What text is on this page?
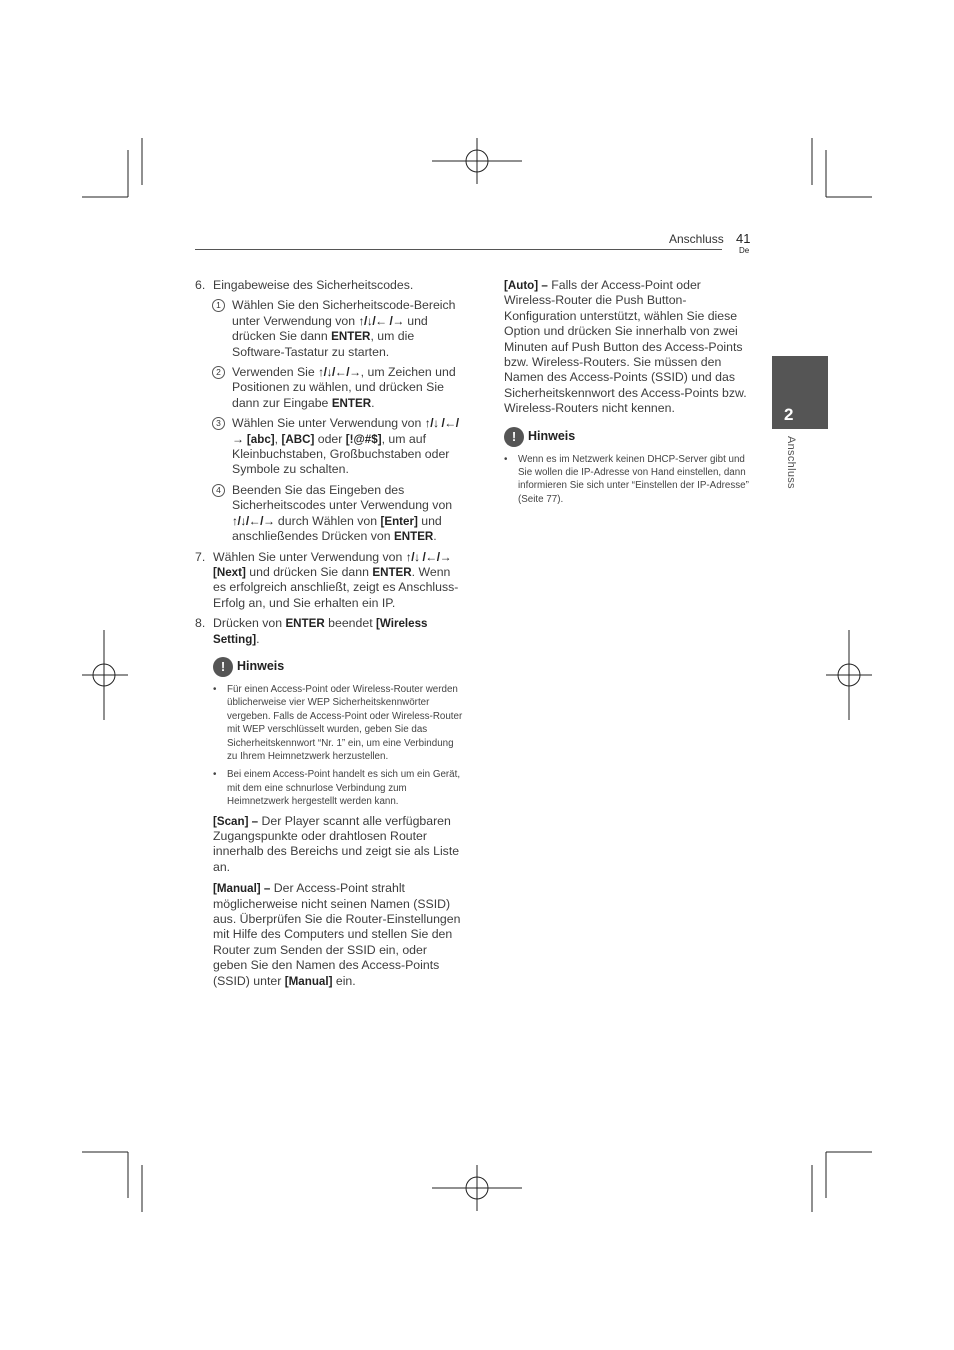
Anschluss 41
De
2
Anschluss
6. Eingabeweise des Sicherheitscodes.
1 Wählen Sie den Sicherheitscode-Bereich unter Verwendung von ↑/↓/← /→ und drücken Sie dann ENTER, um die Software-Tastatur zu starten.
2 Verwenden Sie ↑/↓/←/→, um Zeichen und Positionen zu wählen, und drücken Sie dann zur Eingabe ENTER.
3 Wählen Sie unter Verwendung von ↑/↓ /←/→ [abc], [ABC] oder [!@#$], um auf Kleinbuchstaben, Großbuchstaben oder Symbole zu schalten.
4 Beenden Sie das Eingeben des Sicherheitscodes unter Verwendung von ↑/↓/←/→ durch Wählen von [Enter] und anschließendes Drücken von ENTER.
7. Wählen Sie unter Verwendung von ↑/↓ /←/→ [Next] und drücken Sie dann ENTER. Wenn es erfolgreich anschließt, zeigt es Anschluss-Erfolg an, und Sie erhalten ein IP.
8. Drücken von ENTER beendet [Wireless Setting].
! Hinweis
• Für einen Access-Point oder Wireless-Router werden üblicherweise vier WEP Sicherheitskennwörter vergeben. Falls de Access-Point oder Wireless-Router mit WEP verschlüsselt wurden, geben Sie das Sicherheitskennwort “Nr. 1” ein, um eine Verbindung zu Ihrem Heimnetzwerk herzustellen.
• Bei einem Access-Point handelt es sich um ein Gerät, mit dem eine schnurlose Verbindung zum Heimnetzwerk hergestellt werden kann.
[Scan] – Der Player scannt alle verfügbaren Zugangspunkte oder drahtlosen Router innerhalb des Bereichs und zeigt sie als Liste an.
[Manual] – Der Access-Point strahlt möglicherweise nicht seinen Namen (SSID) aus. Überprüfen Sie die Router-Einstellungen mit Hilfe des Computers und stellen Sie den Router zum Senden der SSID ein, oder geben Sie den Namen des Access-Points (SSID) unter [Manual] ein.
[Auto] – Falls der Access-Point oder Wireless-Router die Push Button-Konfiguration unterstützt, wählen Sie diese Option und drücken Sie innerhalb von zwei Minuten auf Push Button des Access-Points bzw. Wireless-Routers. Sie müssen den Namen des Access-Points (SSID) und das Sicherheitskennwort des Access-Points bzw. Wireless-Routers nicht kennen.
! Hinweis
• Wenn es im Netzwerk keinen DHCP-Server gibt und Sie wollen die IP-Adresse von Hand einstellen, dann informieren Sie sich unter “Einstellen der IP-Adresse” (Seite 77).
